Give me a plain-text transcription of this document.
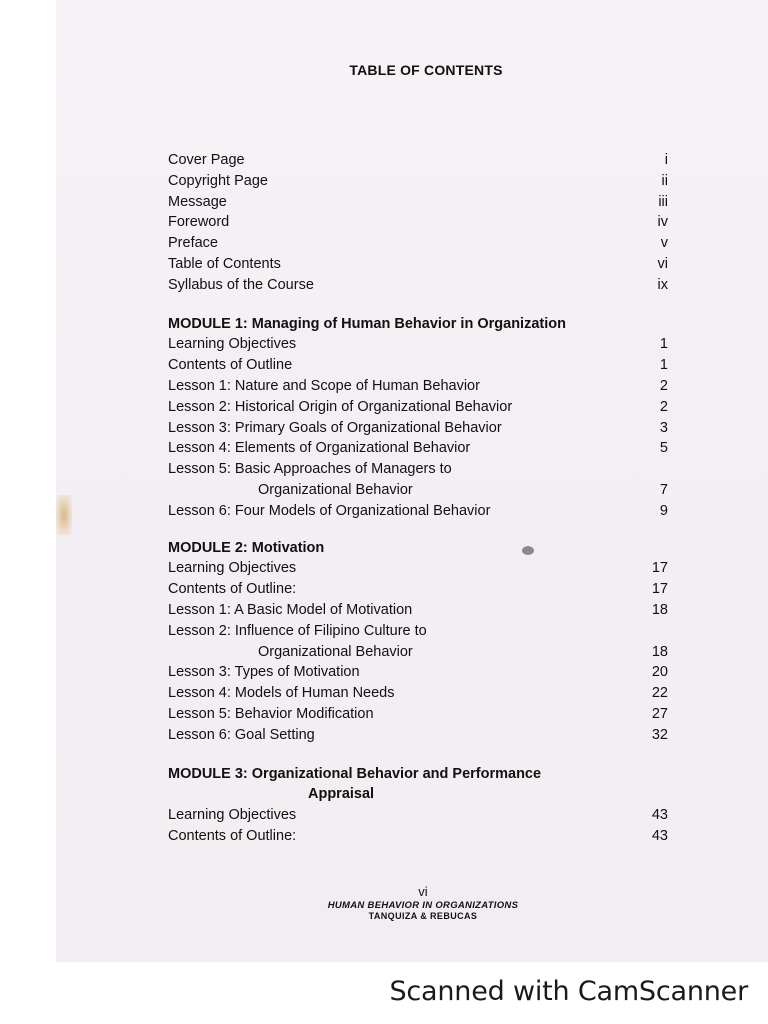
TABLE OF CONTENTS
Cover Page	i
Copyright Page	ii
Message	iii
Foreword	iv
Preface	v
Table of Contents	vi
Syllabus of the Course	ix
MODULE 1: Managing of Human Behavior in Organization
Learning Objectives	1
Contents of Outline	1
Lesson 1: Nature and Scope of Human Behavior	2
Lesson 2: Historical Origin of Organizational Behavior	2
Lesson 3: Primary Goals of Organizational Behavior	3
Lesson 4: Elements of Organizational Behavior	5
Lesson 5: Basic Approaches of Managers to
Organizational Behavior	7
Lesson 6: Four Models of Organizational Behavior	9
MODULE 2: Motivation
Learning Objectives	17
Contents of Outline:	17
Lesson 1: A Basic Model of Motivation	18
Lesson 2: Influence of Filipino Culture to
Organizational Behavior	18
Lesson 3: Types of Motivation	20
Lesson 4: Models of Human Needs	22
Lesson 5: Behavior Modification	27
Lesson 6: Goal Setting	32
MODULE 3: Organizational Behavior and Performance
Appraisal
Learning Objectives	43
Contents of Outline:	43
vi
HUMAN BEHAVIOR IN ORGANIZATIONS
TANQUIZA & REBUCAS
Scanned with CamScanner
